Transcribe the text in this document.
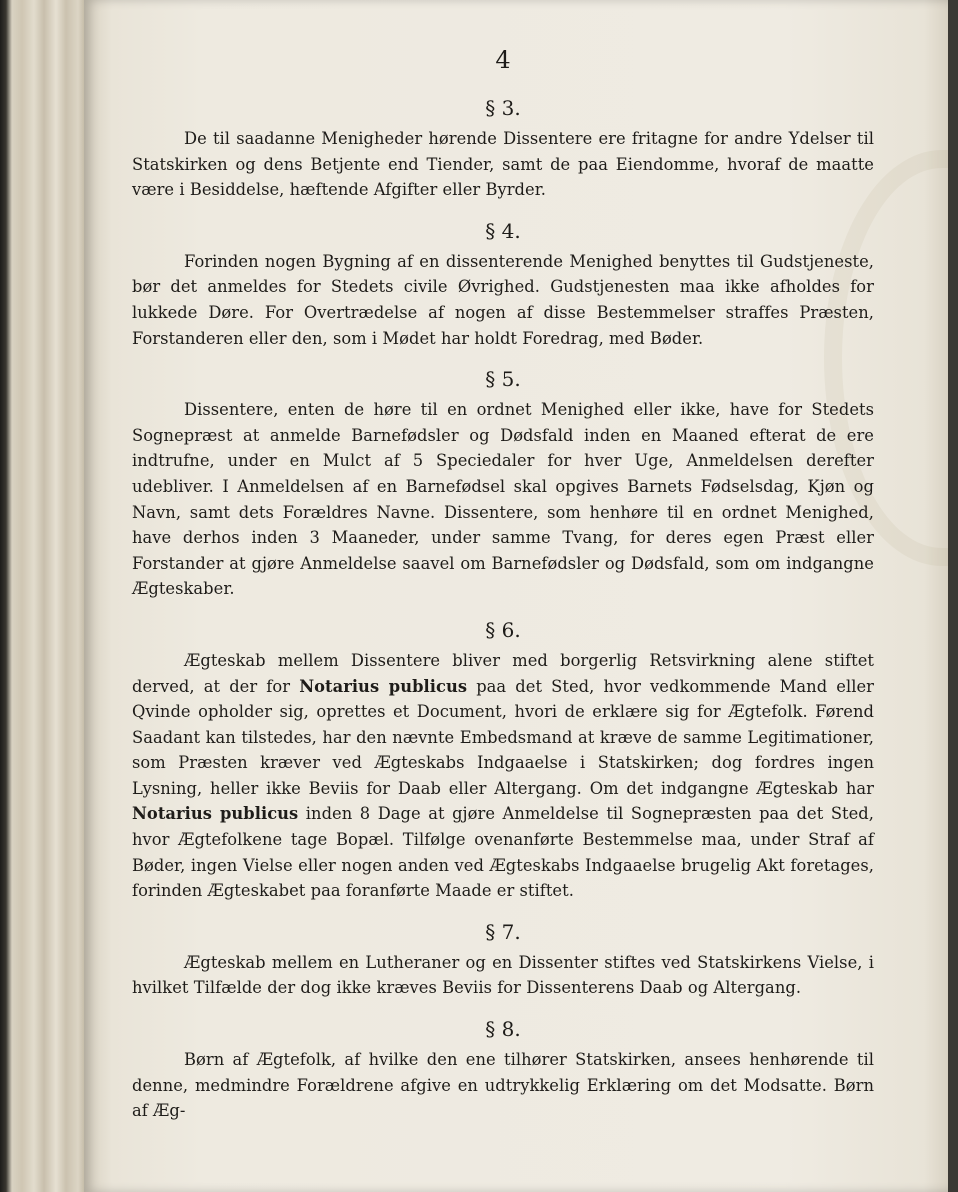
4
§ 3.

De til saadanne Menigheder hørende Dissentere ere fritagne for andre Ydelser til Statskirken og dens Betjente end Tiender, samt de paa Eiendomme, hvoraf de maatte være i Besiddelse, hæftende Afgifter eller Byrder.

§ 4.

Forinden nogen Bygning af en dissenterende Menighed benyttes til Gudstjeneste, bør det anmeldes for Stedets civile Øvrighed. Gudstjenesten maa ikke afholdes for lukkede Døre. For Overtrædelse af nogen af disse Bestemmelser straffes Præsten, Forstanderen eller den, som i Mødet har holdt Foredrag, med Bøder.

§ 5.

Dissentere, enten de høre til en ordnet Menighed eller ikke, have for Stedets Sognepræst at anmelde Barnefødsler og Dødsfald inden en Maaned efterat de ere indtrufne, under en Mulct af 5 Speciedaler for hver Uge, Anmeldelsen derefter udebliver. I Anmeldelsen af en Barnefødsel skal opgives Barnets Fødselsdag, Kjøn og Navn, samt dets Forældres Navne. Dissentere, som henhøre til en ordnet Menighed, have derhos inden 3 Maaneder, under samme Tvang, for deres egen Præst eller Forstander at gjøre Anmeldelse saavel om Barnefødsler og Dødsfald, som om indgangne Ægteskaber.

§ 6.

Ægteskab mellem Dissentere bliver med borgerlig Retsvirkning alene stiftet derved, at der for Notarius publicus paa det Sted, hvor vedkommende Mand eller Qvinde opholder sig, oprettes et Document, hvori de erklære sig for Ægtefolk. Førend Saadant kan tilstedes, har den nævnte Embedsmand at kræve de samme Legitimationer, som Præsten kræver ved Ægteskabs Indgaaelse i Statskirken; dog fordres ingen Lysning, heller ikke Beviis for Daab eller Altergang. Om det indgangne Ægteskab har Notarius publicus inden 8 Dage at gjøre Anmeldelse til Sognepræsten paa det Sted, hvor Ægtefolkene tage Bopæl. Tilfølge ovenanførte Bestemmelse maa, under Straf af Bøder, ingen Vielse eller nogen anden ved Ægteskabs Indgaaelse brugelig Akt foretages, forinden Ægteskabet paa foranførte Maade er stiftet.

§ 7.

Ægteskab mellem en Lutheraner og en Dissenter stiftes ved Statskirkens Vielse, i hvilket Tilfælde der dog ikke kræves Beviis for Dissenterens Daab og Altergang.

§ 8.

Børn af Ægtefolk, af hvilke den ene tilhører Statskirken, ansees henhørende til denne, medmindre Forældrene afgive en udtrykkelig Erklæring om det Modsatte. Børn af Æg-
